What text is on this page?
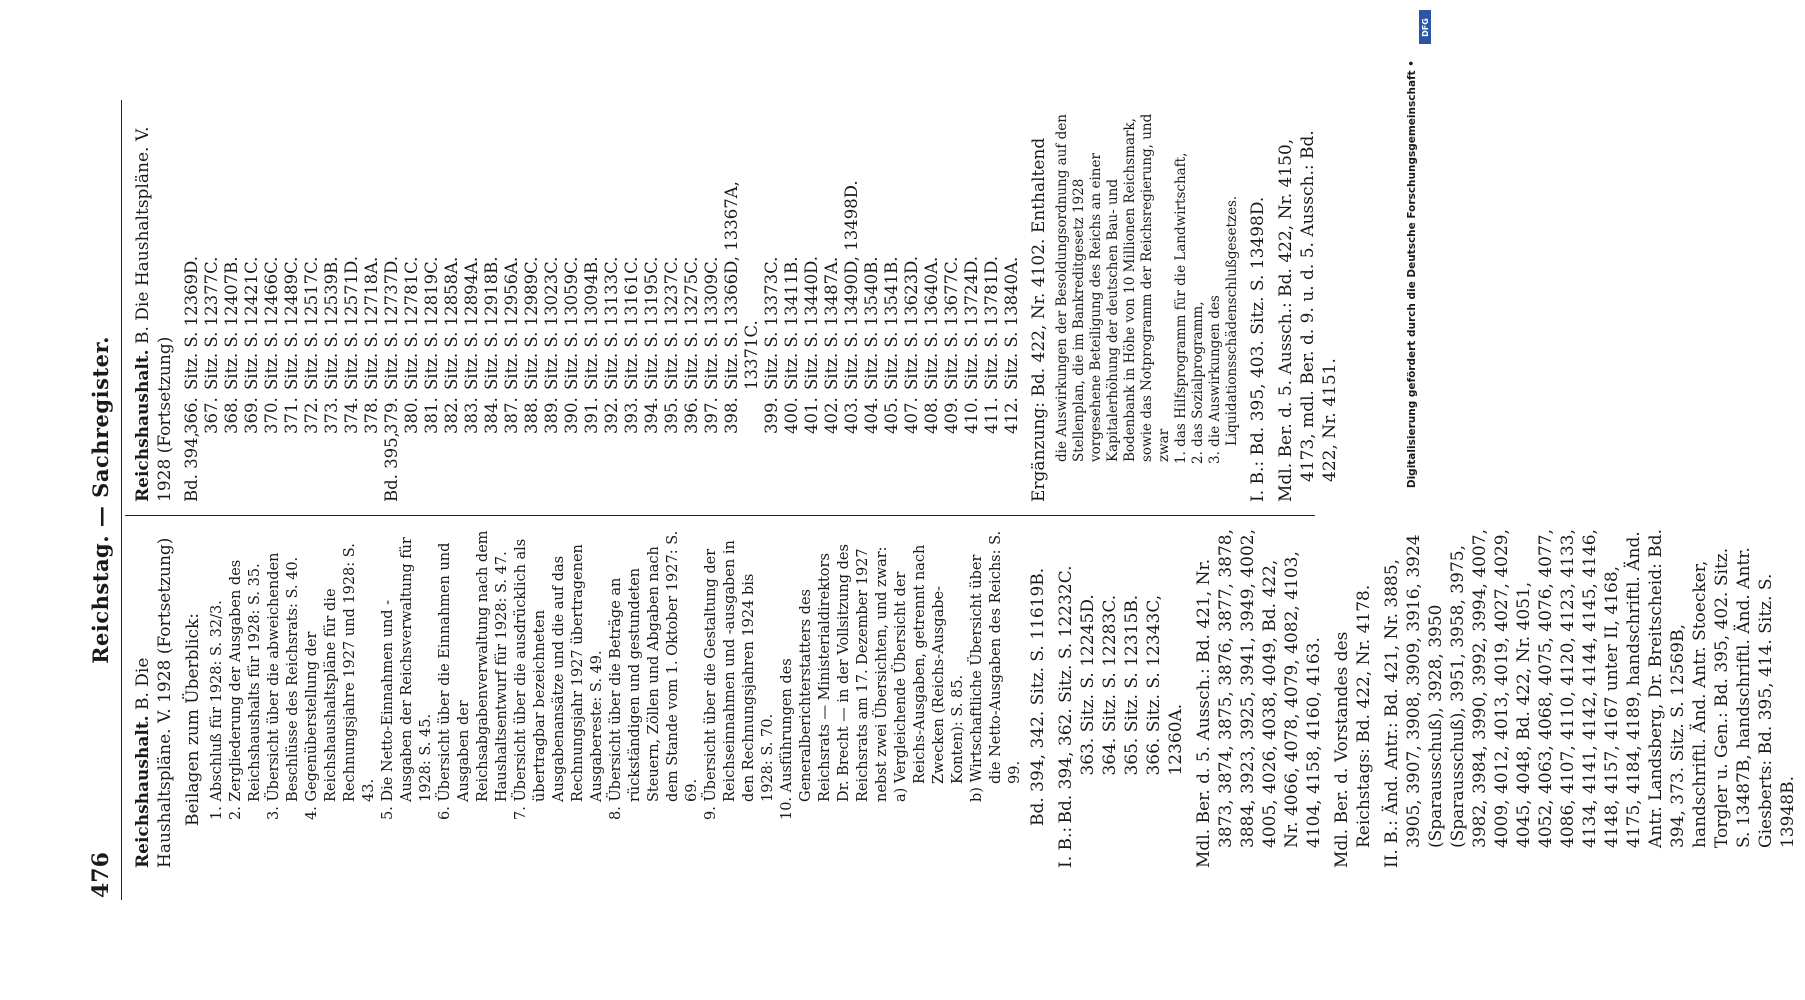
476
Reichstag. — Sachregister.

Reichshaushalt. B. Die Haushaltspläne. V. 1928 (Fortsetzung) Beilagen zum Überblick: 1. Abschluß für 1928: S. 32/3. 2. Zergliederung der Ausgaben des Reichshaushalts für 1928: S. 35. 3. Übersicht über die abweichenden Beschlüsse des Reichsrats: S. 40. 4. Gegenüberstellung der Reichshaushaltspläne für die Rechnungsjahre 1927 und 1928: S. 43. 5. Die Netto-Einnahmen und -Ausgaben der Reichsverwaltung für 1928: S. 45. 6. Übersicht über die Einnahmen und Ausgaben der Reichsabgabenverwaltung nach dem Haushaltsentwurf für 1928: S. 47. 7. Übersicht über die ausdrücklich als übertragbar bezeichneten Ausgabenansätze und die auf das Rechnungsjahr 1927 übertragenen Ausgabereste: S. 49. 8. Übersicht über die Beträge an rückständigen und gestundeten Steuern, Zöllen und Abgaben nach dem Stande vom 1. Oktober 1927: S. 69. 9. Übersicht über die Gestaltung der Reichseinnahmen und -ausgaben in den Rechnungsjahren 1924 bis 1928: S. 70. 10. Ausführungen des Generalberichterstatters des Reichsrats — Ministerialdirektors Dr. Brecht — in der Vollsitzung des Reichsrats am 17. Dezember 1927 nebst zwei Übersichten, und zwar: a) Vergleichende Übersicht der Reichs-Ausgaben, getrennt nach Zwecken (Reichs-Ausgabe-Konten): S. 85. b) Wirtschaftliche Übersicht über die Netto-Ausgaben des Reichs: S. 99. Bd. 394, 342. Sitz. S. 11619B.

I. B.:
Bd. 394, 362. Sitz. S. 12232C. 363. Sitz. S. 12245D. 364. Sitz. S. 12283C. 365. Sitz. S. 12315B. 366. Sitz. S. 12343C, 12360A. Mdl. Ber. d. 5. Aussch.: Bd. 421, Nr. 3873, 3874, 3875, 3876, 3877, 3878, 3884, 3923, 3925, 3941, 3949, 4002, 4005, 4026, 4038, 4049, Bd. 422, Nr. 4066, 4078, 4079, 4082, 4103, 4104, 4158, 4160, 4163. Mdl. Ber. d. Vorstandes des Reichstags: Bd. 422, Nr. 4178. II. B.: Änd. Antr.: Bd. 421, Nr. 3885, 3905, 3907, 3908, 3909, 3916, 3924 (Sparausschuß), 3928, 3950 (Sparausschuß), 3951, 3958, 3975, 3982, 3984, 3990, 3992, 3994, 4007, 4009, 4012, 4013, 4019, 4027, 4029, 4045, 4048, Bd. 422, Nr. 4051, 4052, 4063, 4068, 4075, 4076, 4077, 4086, 4107, 4110, 4120, 4123, 4133, 4134, 4141, 4142, 4144, 4145, 4146, 4148, 4157, 4167 unter II, 4168, 4175, 4184, 4189, handschriftl. Änd. Antr. Landsberg, Dr. Breitscheid: Bd. 394, 373. Sitz. S. 12569B, handschriftl. Änd. Antr. Stoecker, Torgler u. Gen.: Bd. 395, 402. Sitz. S. 13487B, handschriftl. Änd. Antr. Giesberts: Bd. 395, 414. Sitz. S. 13948B.

Reichshaushalt. B. Die Haushaltspläne. V. 1928 (Fortsetzung) Bd. 394,366.Sitz. S. 12369D.
367.Sitz. S. 12377C.
368.Sitz. S. 12407B.
369.Sitz. S. 12421C.
370.Sitz. S. 12466C.
371.Sitz. S. 12489C.
372.Sitz. S. 12517C.
373.Sitz. S. 12539B.
374.Sitz. S. 12571D.
378.Sitz. S. 12718A.
Bd. 395,379.Sitz. S. 12737D.
380.Sitz. S. 12781C.
381.Sitz. S. 12819C.
382.Sitz. S. 12858A.
383.Sitz. S. 12894A.
384.Sitz. S. 12918B.
387.Sitz. S. 12956A.
388.Sitz. S. 12989C.
389.Sitz. S. 13023C.
390.Sitz. S. 13059C.
391.Sitz. S. 13094B.
392.Sitz. S. 13133C.
393.Sitz. S. 13161C.
394.Sitz. S. 13195C.
395.Sitz. S. 13237C.
396.Sitz. S. 13275C.
397.Sitz. S. 13309C.
398.Sitz. S. 13366D, 13367A, 13371C.
399.Sitz. S. 13373C.
400.Sitz. S. 13411B.
401.Sitz. S. 13440D.
402.Sitz. S. 13487A.
403.Sitz. S. 13490D, 13498D.
404.Sitz. S. 13540B.
405.Sitz. S. 13541B.
407.Sitz. S. 13623D.
408.Sitz. S. 13640A.
409.Sitz. S. 13677C.
410.Sitz. S. 13724D.
411.Sitz. S. 13781D.
412.Sitz. S. 13840A. Ergänzung: Bd. 422, Nr. 4102. Enthaltend die Auswirkungen der Besoldungsordnung auf den Stellenplan, die im Bankreditgesetz 1928 vorgesehene Beteiligung des Reichs an einer Kapitalerhöhung der deutschen Bau- und Bodenbank in Höhe von 10 Millionen Reichsmark, sowie das Notprogramm der Reichsregierung, und zwar 1. das Hilfsprogramm für die Landwirtschaft, 2. das Sozialprogramm, 3. die Auswirkungen des Liquidationsschädenschlußgesetzes. I. B.: Bd. 395, 403. Sitz. S. 13498D. Mdl. Ber. d. 5. Aussch.: Bd. 422, Nr. 4150, 4173, mdl. Ber. d. 9. u. d. 5. Aussch.: Bd. 422, Nr. 4151.	Digitalisierung gefördert durch die Deutsche Forschungsgemeinschaft •
DFG
